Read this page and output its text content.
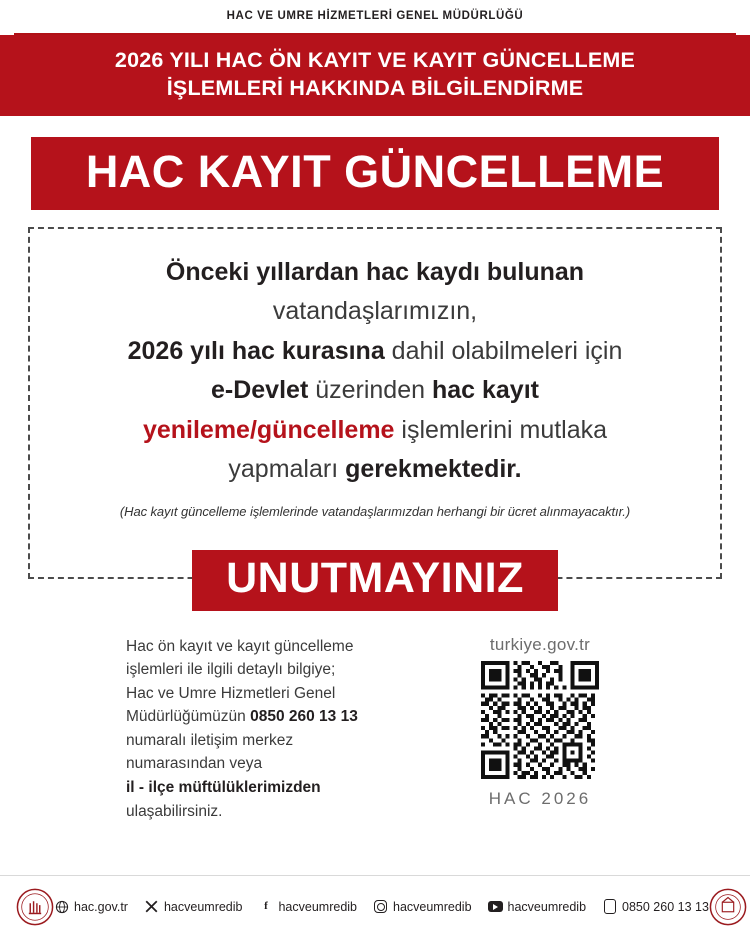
HAC VE UMRE HİZMETLERİ GENEL MÜDÜRLÜĞÜ
2026 YILI HAC ÖN KAYIT VE KAYIT GÜNCELLEME
İŞLEMLERİ HAKKINDA BİLGİLENDİRME
HAC KAYIT GÜNCELLEME
Önceki yıllardan hac kaydı bulunan
vatandaşlarımızın,
2026 yılı hac kurasına dahil olabilmeleri için
e-Devlet üzerinden hac kayıt
yenileme/güncelleme işlemlerini mutlaka
yapmaları gerekmektedir.
(Hac kayıt güncelleme işlemlerinde vatandaşlarımızdan herhangi bir ücret alınmayacaktır.)
UNUTMAYINIZ
Hac ön kayıt ve kayıt güncelleme
işlemleri ile ilgili detaylı bilgiye;
Hac ve Umre Hizmetleri Genel
Müdürlüğümüzün 0850 260 13 13
numaralı iletişim merkez
numarasından veya
il - ilçe müftülüklerimizden
ulaşabilirsiniz.
turkiye.gov.tr
HAC 2026
hac.gov.tr	hacveumredib	f hacveumredib	hacveumredib	hacveumredib	0850 260 13 13
